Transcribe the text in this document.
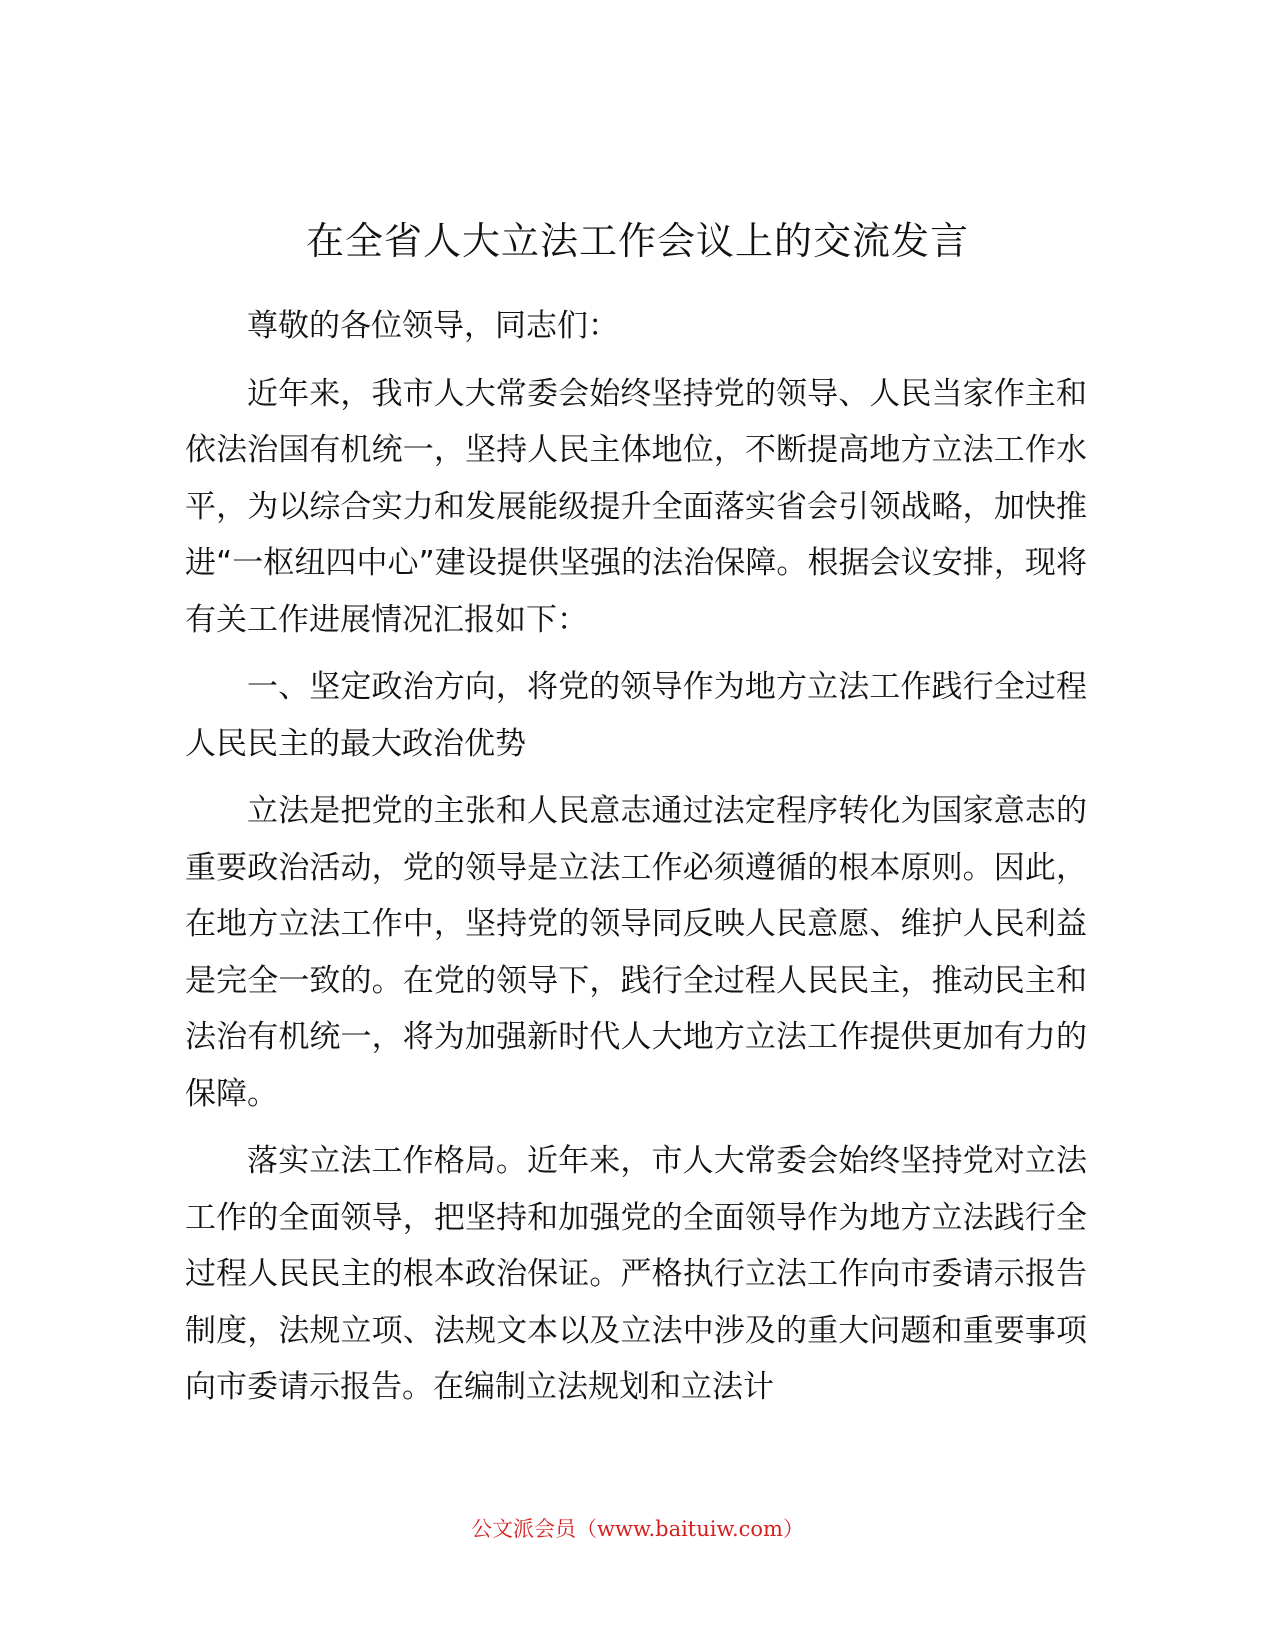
在全省人大立法工作会议上的交流发言

尊敬的各位领导，同志们：

近年来，我市人大常委会始终坚持党的领导、人民当家作主和依法治国有机统一，坚持人民主体地位，不断提高地方立法工作水平，为以综合实力和发展能级提升全面落实省会引领战略，加快推进“一枢纽四中心”建设提供坚强的法治保障。根据会议安排，现将有关工作进展情况汇报如下：

一、坚定政治方向，将党的领导作为地方立法工作践行全过程人民民主的最大政治优势

立法是把党的主张和人民意志通过法定程序转化为国家意志的重要政治活动，党的领导是立法工作必须遵循的根本原则。因此，在地方立法工作中，坚持党的领导同反映人民意愿、维护人民利益是完全一致的。在党的领导下，践行全过程人民民主，推动民主和法治有机统一，将为加强新时代人大地方立法工作提供更加有力的保障。

落实立法工作格局。近年来，市人大常委会始终坚持党对立法工作的全面领导，把坚持和加强党的全面领导作为地方立法践行全过程人民民主的根本政治保证。严格执行立法工作向市委请示报告制度，法规立项、法规文本以及立法中涉及的重大问题和重要事项向市委请示报告。在编制立法规划和立法计

公文派会员（www.baituiw.com）
